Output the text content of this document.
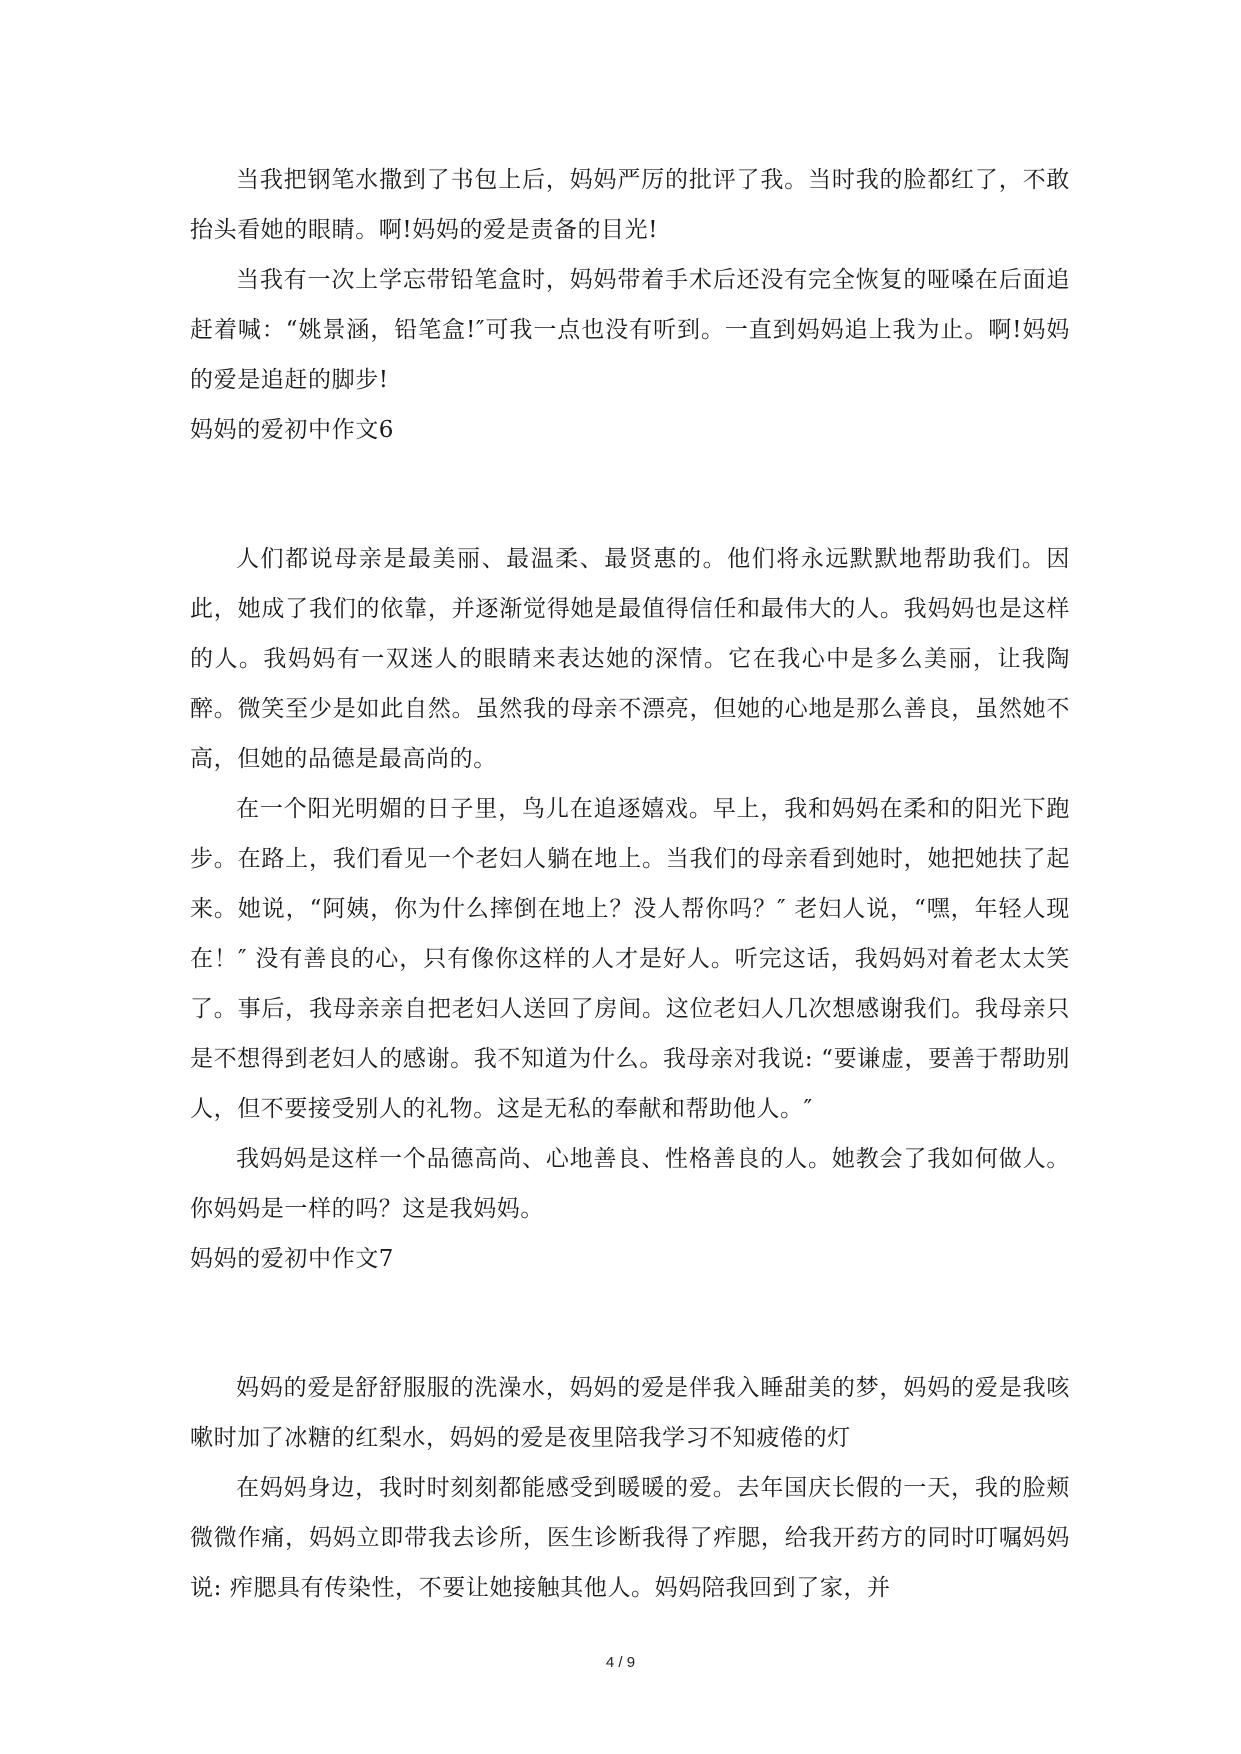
当我把钢笔水撒到了书包上后，妈妈严厉的批评了我。当时我的脸都红了，不敢抬头看她的眼睛。啊!妈妈的爱是责备的目光!

当我有一次上学忘带铅笔盒时，妈妈带着手术后还没有完全恢复的哑嗓在后面追赶着喊：“姚景涵，铅笔盒!″可我一点也没有听到。一直到妈妈追上我为止。啊!妈妈的爱是追赶的脚步!

妈妈的爱初中作文6

人们都说母亲是最美丽、最温柔、最贤惠的。他们将永远默默地帮助我们。因此，她成了我们的依靠，并逐渐觉得她是最值得信任和最伟大的人。我妈妈也是这样的人。我妈妈有一双迷人的眼睛来表达她的深情。它在我心中是多么美丽，让我陶醉。微笑至少是如此自然。虽然我的母亲不漂亮，但她的心地是那么善良，虽然她不高，但她的品德是最高尚的。

在一个阳光明媚的日子里，鸟儿在追逐嬉戏。早上，我和妈妈在柔和的阳光下跑步。在路上，我们看见一个老妇人躺在地上。当我们的母亲看到她时，她把她扶了起来。她说，“阿姨，你为什么摔倒在地上？没人帮你吗？″ 老妇人说，“嘿，年轻人现在！″ 没有善良的心，只有像你这样的人才是好人。听完这话，我妈妈对着老太太笑了。事后，我母亲亲自把老妇人送回了房间。这位老妇人几次想感谢我们。我母亲只是不想得到老妇人的感谢。我不知道为什么。我母亲对我说: “要谦虚，要善于帮助别人，但不要接受别人的礼物。这是无私的奉献和帮助他人。″

我妈妈是这样一个品德高尚、心地善良、性格善良的人。她教会了我如何做人。你妈妈是一样的吗？这是我妈妈。

妈妈的爱初中作文7

妈妈的爱是舒舒服服的洗澡水，妈妈的爱是伴我入睡甜美的梦，妈妈的爱是我咳嗽时加了冰糖的红梨水，妈妈的爱是夜里陪我学习不知疲倦的灯

在妈妈身边，我时时刻刻都能感受到暖暖的爱。去年国庆长假的一天，我的脸颊微微作痛，妈妈立即带我去诊所，医生诊断我得了痄腮，给我开药方的同时叮嘱妈妈说: 痄腮具有传染性，不要让她接触其他人。妈妈陪我回到了家，并

4 / 9
